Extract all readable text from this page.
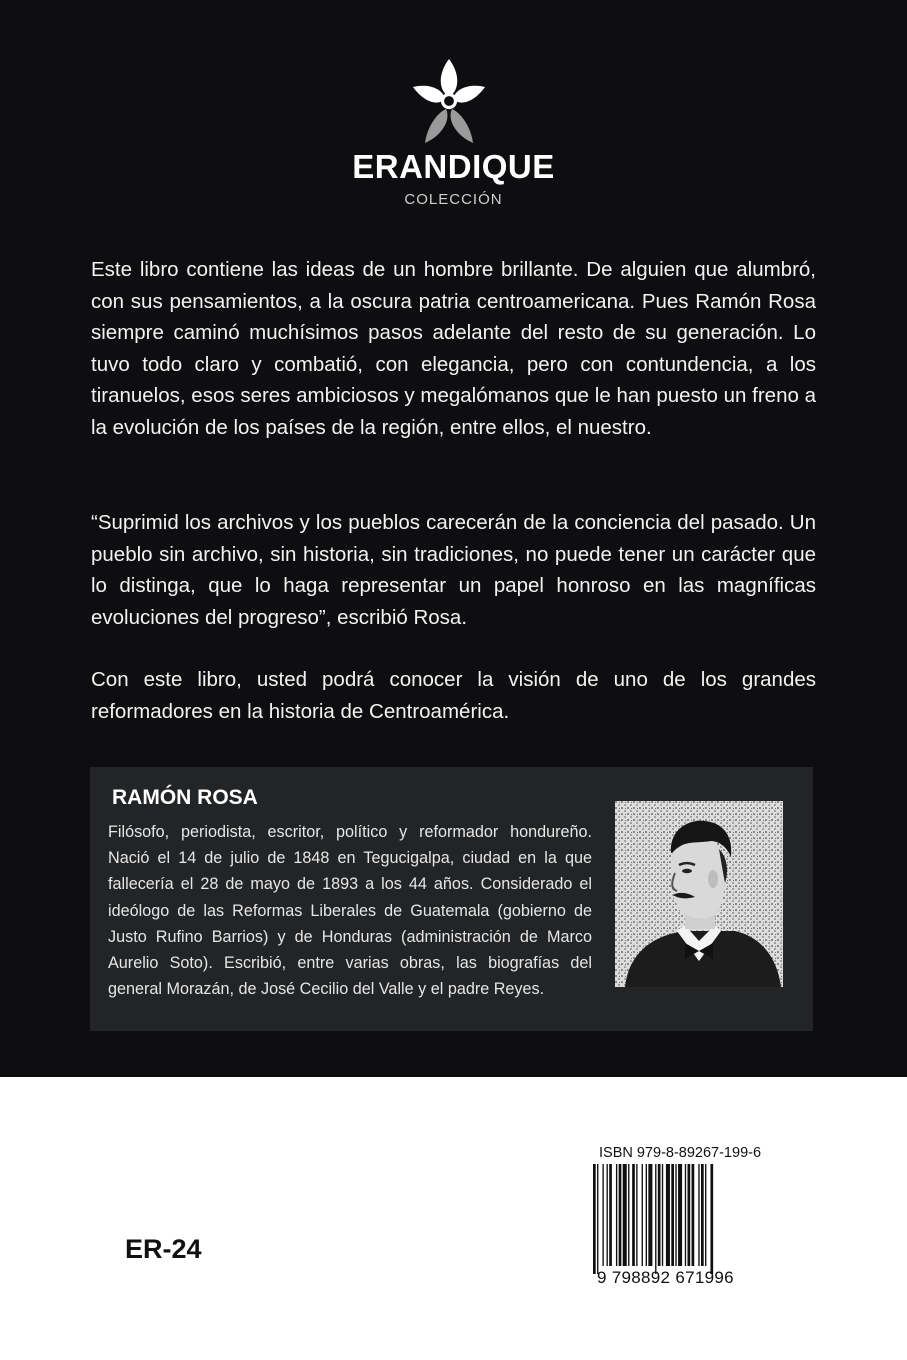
ERANDIQUE
COLECCIÓN

Este libro contiene las ideas de un hombre brillante. De alguien que alumbró, con sus pensamientos, a la oscura patria centroamericana. Pues Ramón Rosa siempre caminó muchísimos pasos adelante del resto de su generación. Lo tuvo todo claro y combatió, con elegancia, pero con contundencia, a los tiranuelos, esos seres ambiciosos y megalómanos que le han puesto un freno a la evolución de los países de la región, entre ellos, el nuestro.

“Suprimid los archivos y los pueblos carecerán de la conciencia del pasado. Un pueblo sin archivo, sin historia, sin tradiciones, no puede tener un carácter que lo distinga, que lo haga representar un papel honroso en las magníficas evoluciones del progreso”, escribió Rosa.

Con este libro, usted podrá conocer la visión de uno de los grandes reformadores en la historia de Centroamérica.

RAMÓN ROSA

Filósofo, periodista, escritor, político y reformador hondureño. Nació el 14 de julio de 1848 en Tegucigalpa, ciudad en la que fallecería el 28 de mayo de 1893 a los 44 años. Considerado el ideólogo de las Reformas Liberales de Guatemala (gobierno de Justo Rufino Barrios) y de Honduras (administración de Marco Aurelio Soto). Escribió, entre varias obras, las biografías del general Morazán, de José Cecilio del Valle y el padre Reyes.

ER-24
ISBN 979-8-89267-199-6
9 798892 671996
